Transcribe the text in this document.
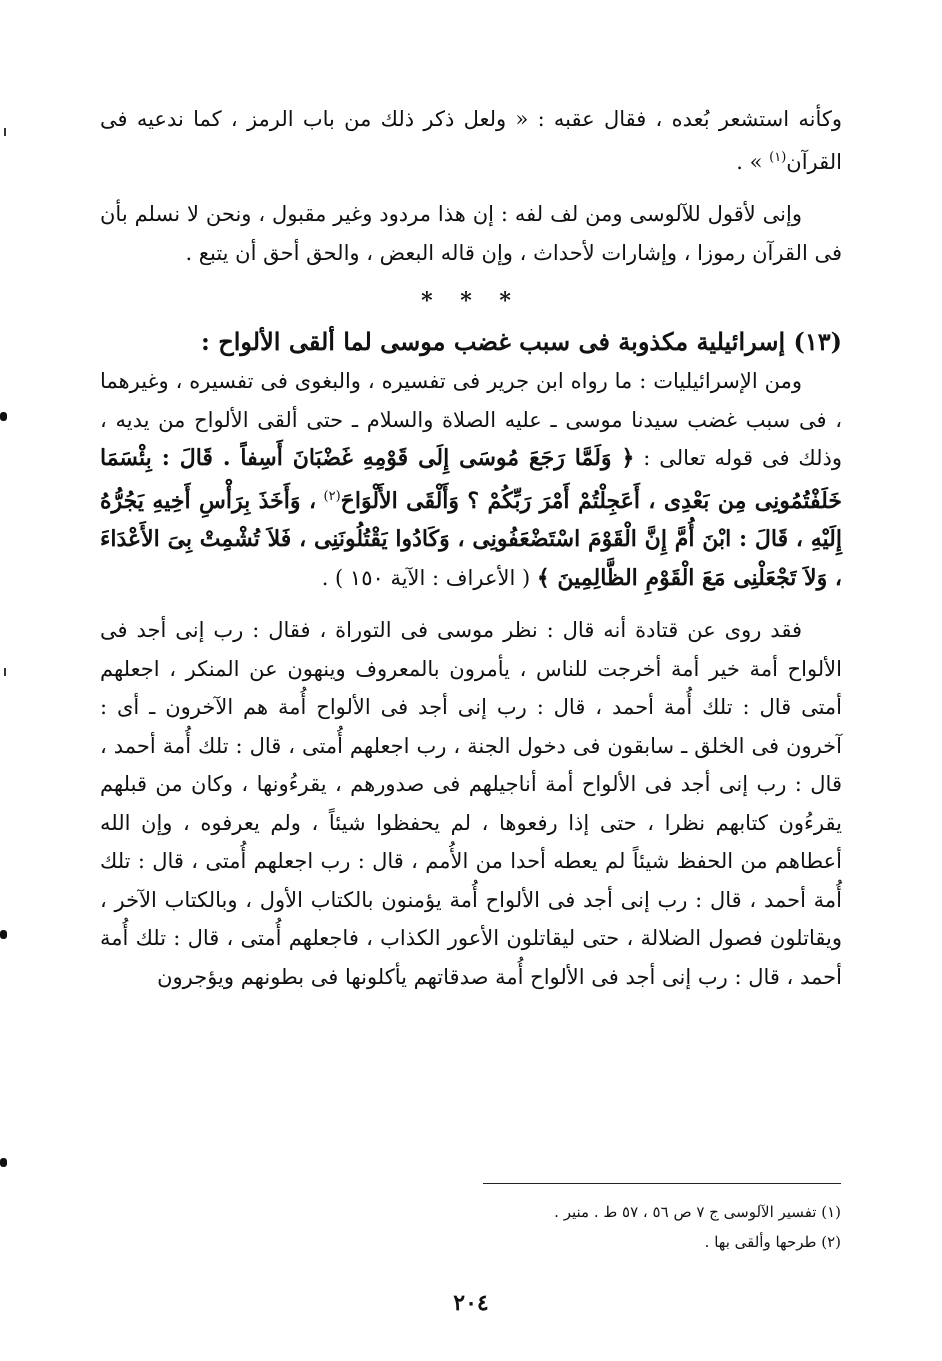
وكأنه استشعر بُعده ، فقال عقبه : « ولعل ذكر ذلك من باب الرمز ، كما ندعيه فى القرآن$^{(١)}$ » .

وإنى لأقول للآلوسى ومن لف لفه : إن هذا مردود وغير مقبول ، ونحن لا نسلم بأن فى القرآن رموزا ، وإشارات لأحداث ، وإن قاله البعض ، والحق أحق أن يتبع .

* * *

(١٣) إسرائيلية مكذوبة فى سبب غضب موسى لما ألقى الألواح :

ومن الإسرائيليات : ما رواه ابن جرير فى تفسيره ، والبغوى فى تفسيره ، وغيرهما ، فى سبب غضب سيدنا موسى ـ عليه الصلاة والسلام ـ حتى ألقى الألواح من يديه ، وذلك فى قوله تعالى : ﴿ وَلَمَّا رَجَعَ مُوسَى إِلَى قَوْمِهِ غَضْبَانَ أَسِفاً . قَالَ : بِئْسَمَا خَلَفْتُمُونِى مِن بَعْدِى ، أَعَجِلْتُمْ أَمْرَ رَبِّكُمْ ؟ وَأَلْقَى الأَلْوَاحَ$^{(٢)}$ ، وَأَخَذَ بِرَأْسِ أَخِيهِ يَجُرُّهُ إِلَيْهِ ، قَالَ : ابْنَ أُمَّ إِنَّ الْقَوْمَ اسْتَضْعَفُونِى ، وَكَادُوا يَقْتُلُونَنِى ، فَلاَ تُشْمِتْ بِىَ الأَعْدَاءَ ، وَلاَ تَجْعَلْنِى مَعَ الْقَوْمِ الظَّالِمِينَ ﴾ ( الأعراف : الآية ١٥٠ ) .

فقد روى عن قتادة أنه قال : نظر موسى فى التوراة ، فقال : رب إنى أجد فى الألواح أمة خير أمة أخرجت للناس ، يأمرون بالمعروف وينهون عن المنكر ، اجعلهم أمتى قال : تلك أُمة أحمد ، قال : رب إنى أجد فى الألواح أُمة هم الآخرون ـ أى : آخرون فى الخلق ـ سابقون فى دخول الجنة ، رب اجعلهم أُمتى ، قال : تلك أُمة أحمد ، قال : رب إنى أجد فى الألواح أمة أناجيلهم فى صدورهم ، يقرءُونها ، وكان من قبلهم يقرءُون كتابهم نظرا ، حتى إذا رفعوها ، لم يحفظوا شيئاً ، ولم يعرفوه ، وإن الله أعطاهم من الحفظ شيئاً لم يعطه أحدا من الأُمم ، قال : رب اجعلهم أُمتى ، قال : تلك أُمة أحمد ، قال : رب إنى أجد فى الألواح أُمة يؤمنون بالكتاب الأول ، وبالكتاب الآخر ، ويقاتلون فصول الضلالة ، حتى ليقاتلون الأعور الكذاب ، فاجعلهم أُمتى ، قال : تلك أُمة أحمد ، قال : رب إنى أجد فى الألواح أُمة صدقاتهم يأكلونها فى بطونهم ويؤجرون

(١) تفسير الآلوسى ج ٧ ص ٥٦ ، ٥٧ ط . منير .
(٢) طرحها وألقى بها .
٢٠٤
